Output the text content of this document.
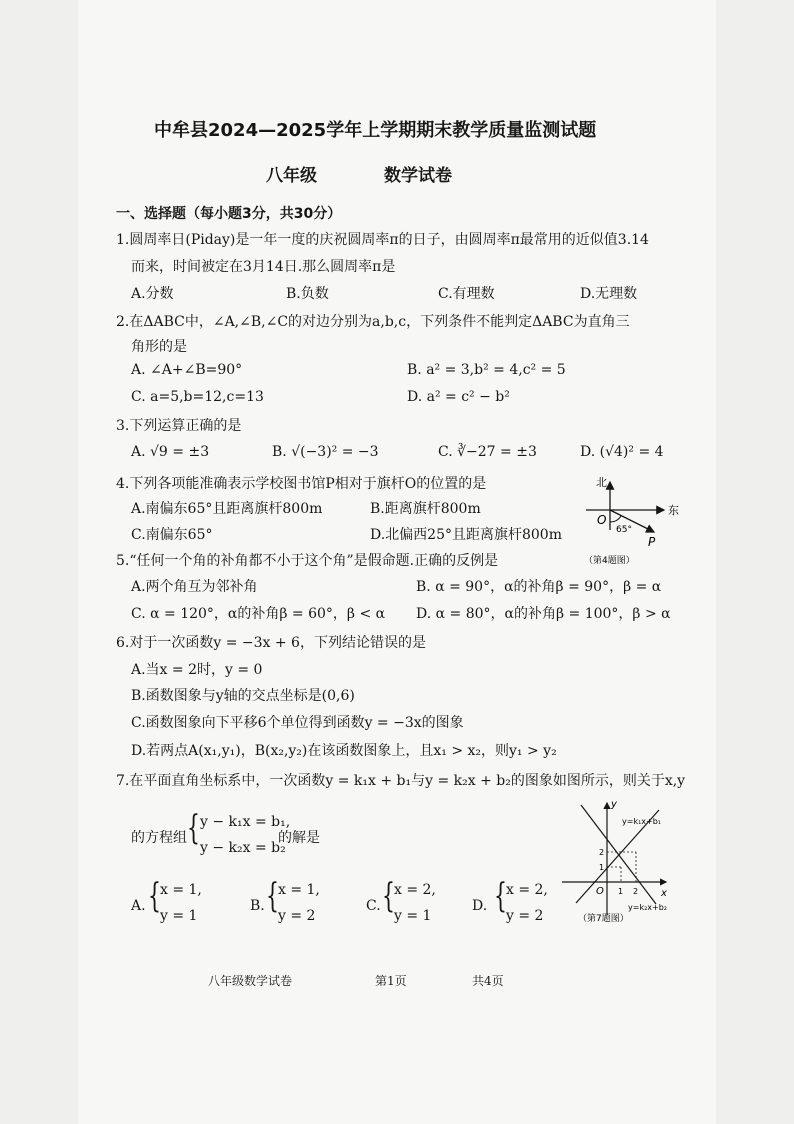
中牟县2024—2025学年上学期期末教学质量监测试题
八年级	数学试卷
一、选择题（每小题3分，共30分）
1.圆周率日(Piday)是一年一度的庆祝圆周率π的日子，由圆周率π最常用的近似值3.14
而来，时间被定在3月14日.那么圆周率π是
A.分数	B.负数	C.有理数	D.无理数
2.在ΔABC中，∠A,∠B,∠C的对边分别为a,b,c，下列条件不能判定ΔABC为直角三
角形的是
A. ∠A+∠B=90°	B. a² = 3,b² = 4,c² = 5
C. a=5,b=12,c=13	D. a² = c² − b²
3.下列运算正确的是
A. √9 = ±3	B. √(−3)² = −3	C. ∛−27 = ±3	D. (√4)² = 4
4.下列各项能准确表示学校图书馆P相对于旗杆O的位置的是
A.南偏东65°且距离旗杆800m	B.距离旗杆800m
C.南偏东65°	D.北偏西25°且距离旗杆800m
北
东
O
65°
P
（第4题图）
5.“任何一个角的补角都不小于这个角”是假命题.正确的反例是
A.两个角互为邻补角	B. α = 90°，α的补角β = 90°，β = α
C. α = 120°，α的补角β = 60°，β < α D. α = 80°，α的补角β = 100°，β > α
6.对于一次函数y = −3x + 6，下列结论错误的是
A.当x = 2时，y = 0
B.函数图象与y轴的交点坐标是(0,6)
C.函数图象向下平移6个单位得到函数y = −3x的图象
D.若两点A(x₁,y₁)，B(x₂,y₂)在该函数图象上，且x₁ > x₂，则y₁ > y₂
7.在平面直角坐标系中，一次函数y = k₁x + b₁与y = k₂x + b₂的图象如图所示，则关于x,y
的方程组 { y − k₁x = b₁,
y − k₂x = b₂
的解是
A. { x = 1,
y = 1
B. { x = 1,
y = 2
C. { x = 2,
y = 1
D. { x = 2,
y = 2
y
x
O 1 2
1
2
y=k₁x+b₁
y=k₂x+b₂
（第7题图）
八年级数学试卷	第1页	共4页
